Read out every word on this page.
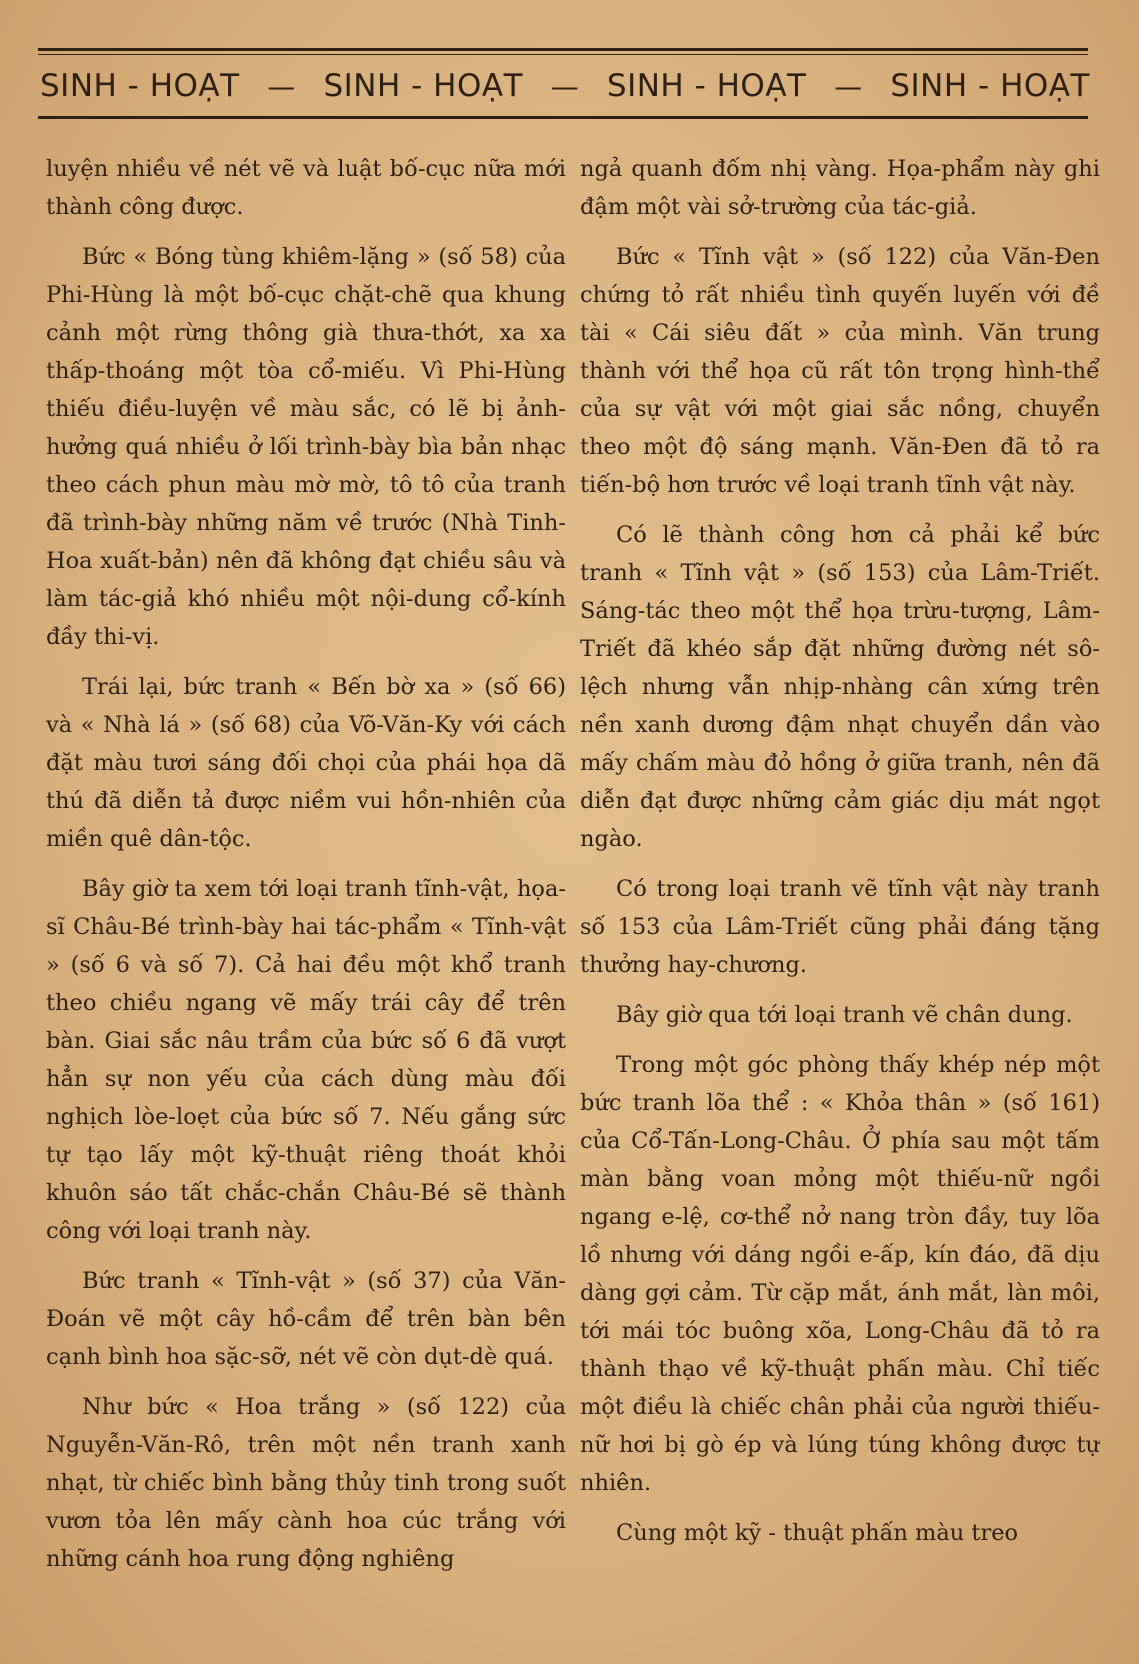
SINH - HOẠT — SINH - HOẠT — SINH - HOẠT — SINH - HOẠT

luyện nhiều về nét vẽ và luật bố-cục nữa mới thành công được.

Bức « Bóng tùng khiêm-lặng » (số 58) của Phi-Hùng là một bố-cục chặt-chẽ qua khung cảnh một rừng thông già thưa-thớt, xa xa thấp-thoáng một tòa cổ-miếu. Vì Phi-Hùng thiếu điều-luyện về màu sắc, có lẽ bị ảnh-hưởng quá nhiều ở lối trình-bày bìa bản nhạc theo cách phun màu mờ mờ, tô tô của tranh đã trình-bày những năm về trước (Nhà Tinh-Hoa xuất-bản) nên đã không đạt chiều sâu và làm tác-giả khó nhiều một nội-dung cổ-kính đầy thi-vị.

Trái lại, bức tranh « Bến bờ xa » (số 66) và « Nhà lá » (số 68) của Võ-Văn-Ky với cách đặt màu tươi sáng đối chọi của phái họa dã thú đã diễn tả được niềm vui hồn-nhiên của miền quê dân-tộc.

Bây giờ ta xem tới loại tranh tĩnh-vật, họa-sĩ Châu-Bé trình-bày hai tác-phẩm « Tĩnh-vật » (số 6 và số 7). Cả hai đều một khổ tranh theo chiều ngang vẽ mấy trái cây để trên bàn. Giai sắc nâu trầm của bức số 6 đã vượt hẳn sự non yếu của cách dùng màu đối nghịch lòe-loẹt của bức số 7. Nếu gắng sức tự tạo lấy một kỹ-thuật riêng thoát khỏi khuôn sáo tất chắc-chắn Châu-Bé sẽ thành công với loại tranh này.

Bức tranh « Tĩnh-vật » (số 37) của Văn-Đoán vẽ một cây hồ-cầm để trên bàn bên cạnh bình hoa sặc-sỡ, nét vẽ còn dụt-dè quá.

Như bức « Hoa trắng » (số 122) của Nguyễn-Văn-Rô, trên một nền tranh xanh nhạt, từ chiếc bình bằng thủy tinh trong suốt vươn tỏa lên mấy cành hoa cúc trắng với những cánh hoa rung động nghiêng

ngả quanh đốm nhị vàng. Họa-phẩm này ghi đậm một vài sở-trường của tác-giả.

Bức « Tĩnh vật » (số 122) của Văn-Đen chứng tỏ rất nhiều tình quyến luyến với đề tài « Cái siêu đất » của mình. Văn trung thành với thể họa cũ rất tôn trọng hình-thể của sự vật với một giai sắc nồng, chuyển theo một độ sáng mạnh. Văn-Đen đã tỏ ra tiến-bộ hơn trước về loại tranh tĩnh vật này.

Có lẽ thành công hơn cả phải kể bức tranh « Tĩnh vật » (số 153) của Lâm-Triết. Sáng-tác theo một thể họa trừu-tượng, Lâm-Triết đã khéo sắp đặt những đường nét sô-lệch nhưng vẫn nhịp-nhàng cân xứng trên nền xanh dương đậm nhạt chuyển dần vào mấy chấm màu đỏ hồng ở giữa tranh, nên đã diễn đạt được những cảm giác dịu mát ngọt ngào.

Có trong loại tranh vẽ tĩnh vật này tranh số 153 của Lâm-Triết cũng phải đáng tặng thưởng hay-chương.

Bây giờ qua tới loại tranh vẽ chân dung.

Trong một góc phòng thấy khép nép một bức tranh lõa thể : « Khỏa thân » (số 161) của Cổ-Tấn-Long-Châu. Ở phía sau một tấm màn bằng voan mỏng một thiếu-nữ ngồi ngang e-lệ, cơ-thể nở nang tròn đầy, tuy lõa lồ nhưng với dáng ngồi e-ấp, kín đáo, đã dịu dàng gợi cảm. Từ cặp mắt, ánh mắt, làn môi, tới mái tóc buông xõa, Long-Châu đã tỏ ra thành thạo về kỹ-thuật phấn màu. Chỉ tiếc một điều là chiếc chân phải của người thiếu-nữ hơi bị gò ép và lúng túng không được tự nhiên.

Cùng một kỹ - thuật phấn màu treo
